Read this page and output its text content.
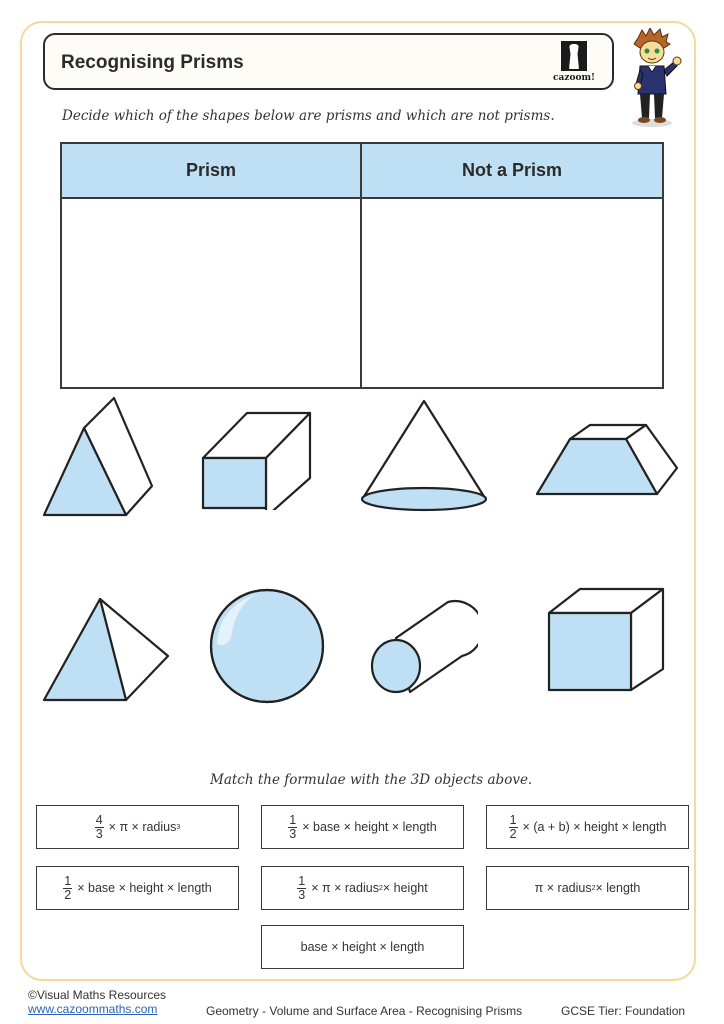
Recognising Prisms
cazoom!
Decide which of the shapes below are prisms and which are not prisms.
Prism	Not a Prism
Match the formulae with the 3D objects above.
$\frac{4}{3} \times \pi$ × radius 3	$\frac{1}{3}$ × base × height × length	$\frac{1}{2} \times (a + b)$ × height × length
$\frac{1}{2}$ × base × height × length	$\frac{1}{3} \times \pi$ × radius 2 × height	π × radius 2 × length
base × height × length
©Visual Maths Resources
www.cazoommaths.com	Geometry - Volume and Surface Area - Recognising Prisms	GCSE Tier: Foundation
